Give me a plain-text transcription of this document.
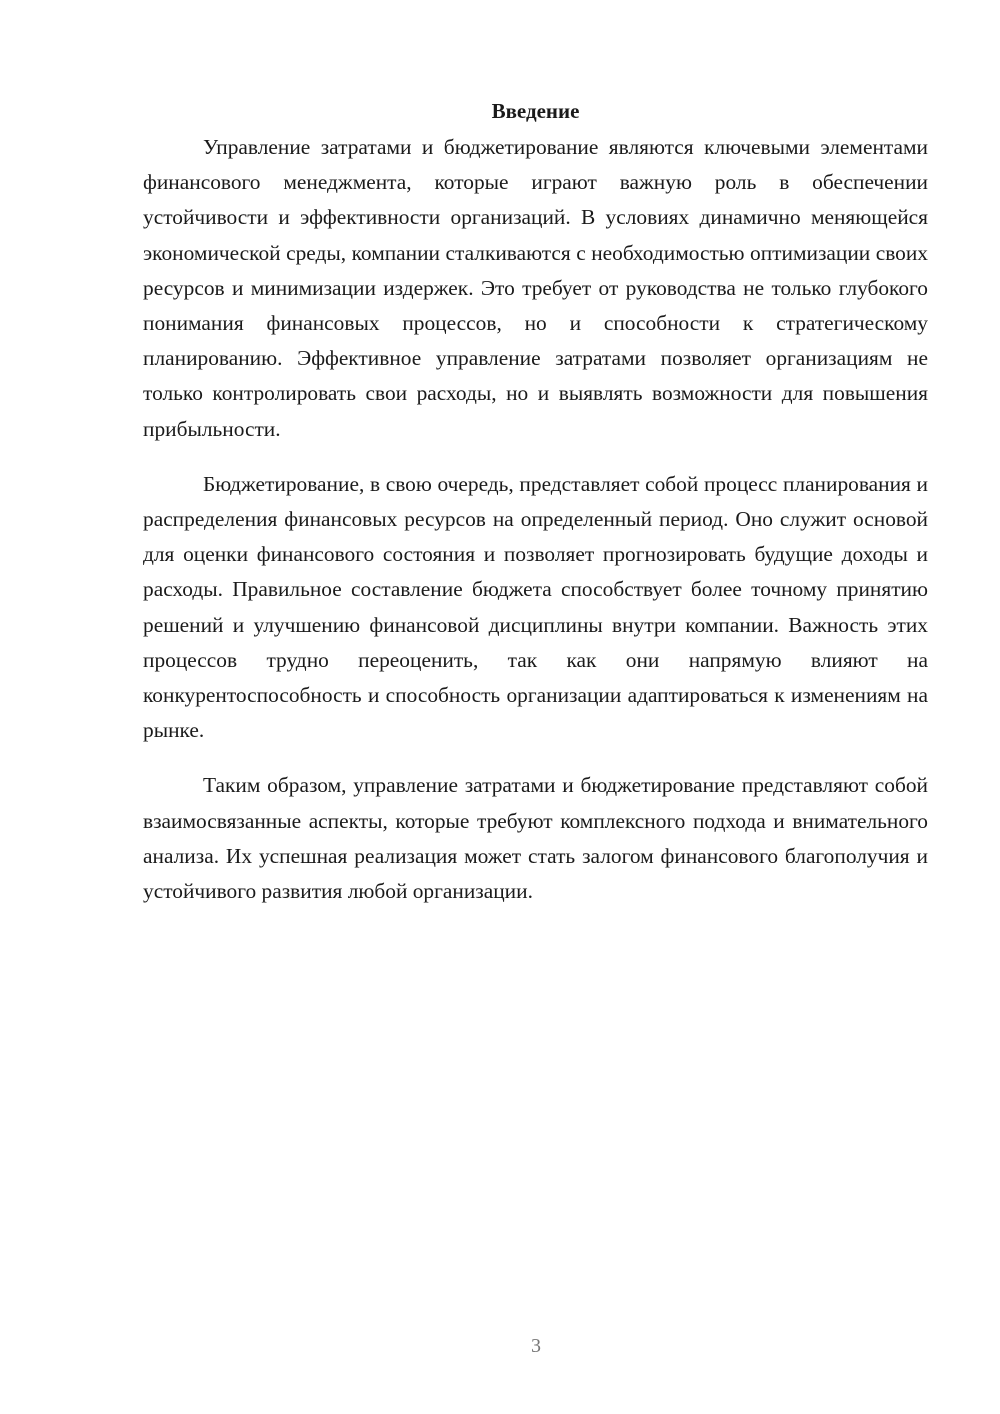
Введение

Управление затратами и бюджетирование являются ключевыми элементами финансового менеджмента, которые играют важную роль в обеспечении устойчивости и эффективности организаций. В условиях динамично меняющейся экономической среды, компании сталкиваются с необходимостью оптимизации своих ресурсов и минимизации издержек. Это требует от руководства не только глубокого понимания финансовых процессов, но и способности к стратегическому планированию. Эффективное управление затратами позволяет организациям не только контролировать свои расходы, но и выявлять возможности для повышения прибыльности.

Бюджетирование, в свою очередь, представляет собой процесс планирования и распределения финансовых ресурсов на определенный период. Оно служит основой для оценки финансового состояния и позволяет прогнозировать будущие доходы и расходы. Правильное составление бюджета способствует более точному принятию решений и улучшению финансовой дисциплины внутри компании. Важность этих процессов трудно переоценить, так как они напрямую влияют на конкурентоспособность и способность организации адаптироваться к изменениям на рынке.

Таким образом, управление затратами и бюджетирование представляют собой взаимосвязанные аспекты, которые требуют комплексного подхода и внимательного анализа. Их успешная реализация может стать залогом финансового благополучия и устойчивого развития любой организации.

3
